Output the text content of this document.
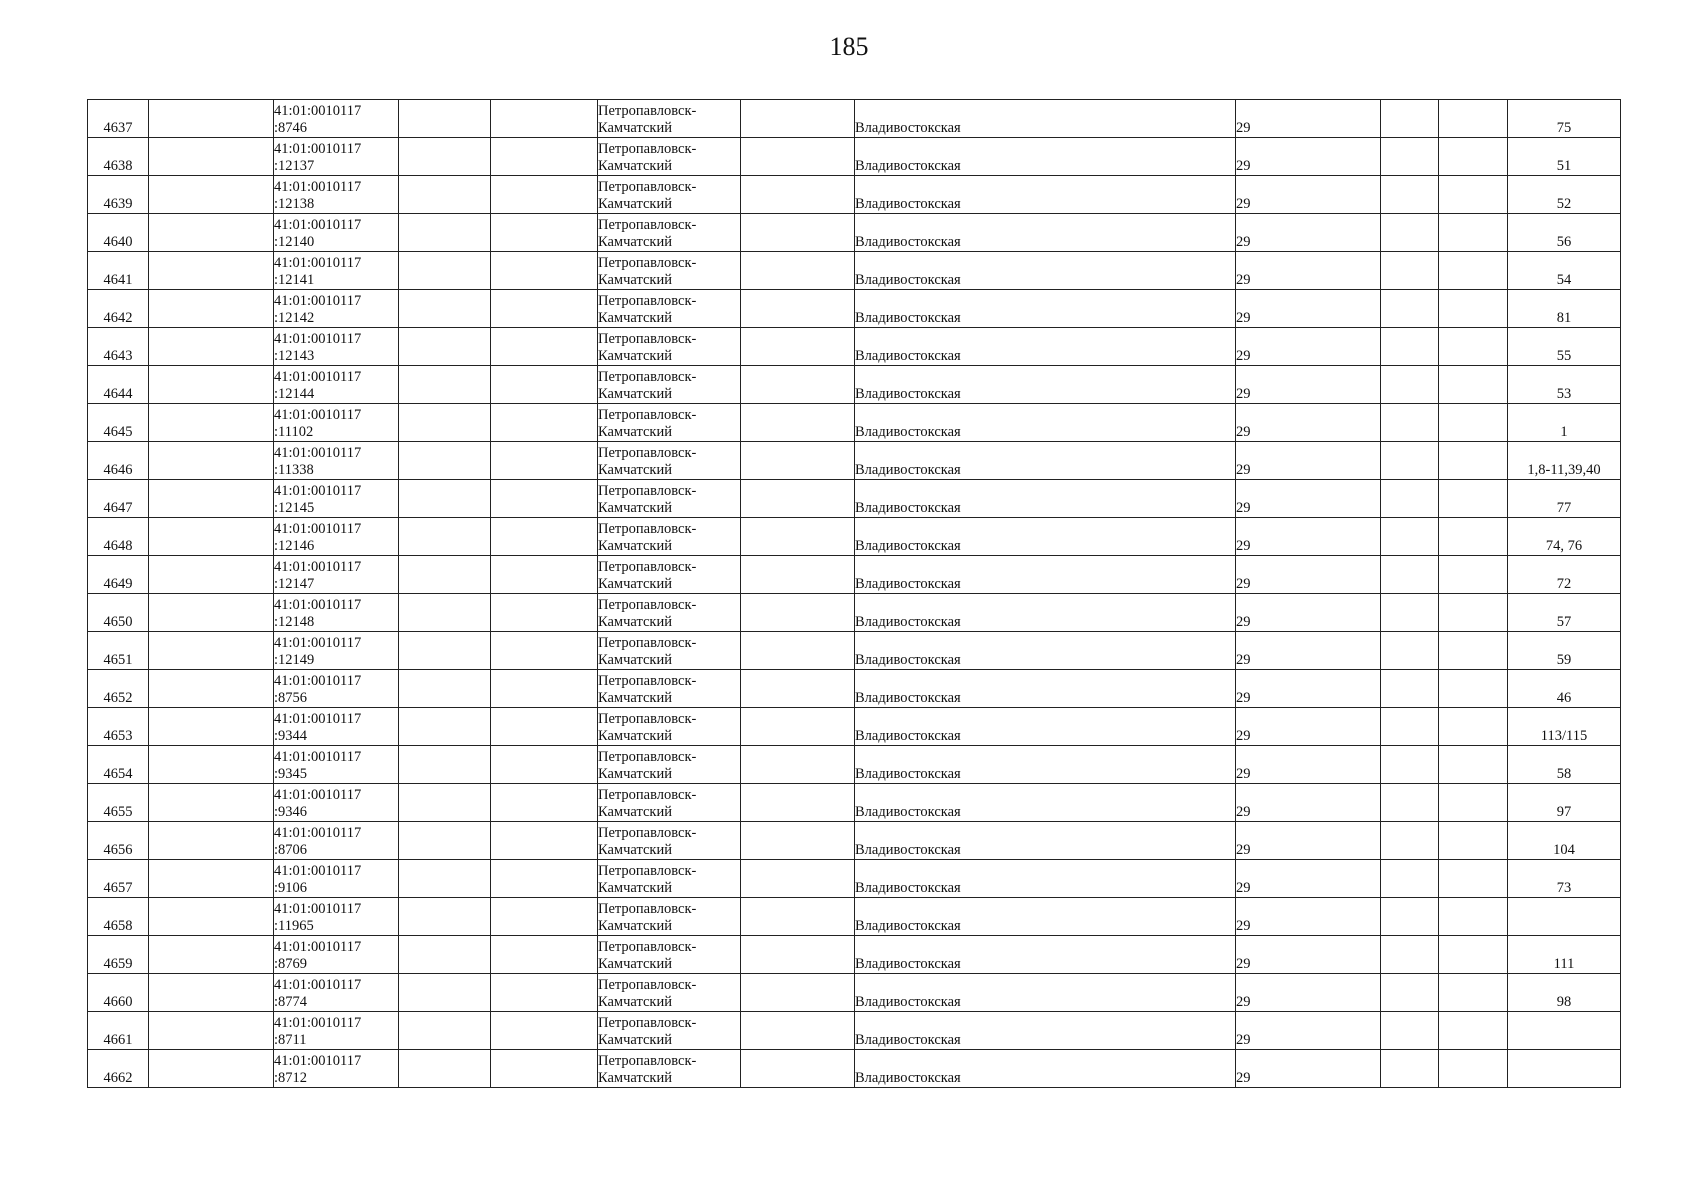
185
4637		41:01:0010117
:8746			Петропавловск-
Камчатский		Владивостокская	29			75
4638		41:01:0010117
:12137			Петропавловск-
Камчатский		Владивостокская	29			51
4639		41:01:0010117
:12138			Петропавловск-
Камчатский		Владивостокская	29			52
4640		41:01:0010117
:12140			Петропавловск-
Камчатский		Владивостокская	29			56
4641		41:01:0010117
:12141			Петропавловск-
Камчатский		Владивостокская	29			54
4642		41:01:0010117
:12142			Петропавловск-
Камчатский		Владивостокская	29			81
4643		41:01:0010117
:12143			Петропавловск-
Камчатский		Владивостокская	29			55
4644		41:01:0010117
:12144			Петропавловск-
Камчатский		Владивостокская	29			53
4645		41:01:0010117
:11102			Петропавловск-
Камчатский		Владивостокская	29			1
4646		41:01:0010117
:11338			Петропавловск-
Камчатский		Владивостокская	29			1,8-11,39,40
4647		41:01:0010117
:12145			Петропавловск-
Камчатский		Владивостокская	29			77
4648		41:01:0010117
:12146			Петропавловск-
Камчатский		Владивостокская	29			74, 76
4649		41:01:0010117
:12147			Петропавловск-
Камчатский		Владивостокская	29			72
4650		41:01:0010117
:12148			Петропавловск-
Камчатский		Владивостокская	29			57
4651		41:01:0010117
:12149			Петропавловск-
Камчатский		Владивостокская	29			59
4652		41:01:0010117
:8756			Петропавловск-
Камчатский		Владивостокская	29			46
4653		41:01:0010117
:9344			Петропавловск-
Камчатский		Владивостокская	29			113/115
4654		41:01:0010117
:9345			Петропавловск-
Камчатский		Владивостокская	29			58
4655		41:01:0010117
:9346			Петропавловск-
Камчатский		Владивостокская	29			97
4656		41:01:0010117
:8706			Петропавловск-
Камчатский		Владивостокская	29			104
4657		41:01:0010117
:9106			Петропавловск-
Камчатский		Владивостокская	29			73
4658		41:01:0010117
:11965			Петропавловск-
Камчатский		Владивостокская	29			
4659		41:01:0010117
:8769			Петропавловск-
Камчатский		Владивостокская	29			111
4660		41:01:0010117
:8774			Петропавловск-
Камчатский		Владивостокская	29			98
4661		41:01:0010117
:8711			Петропавловск-
Камчатский		Владивостокская	29			
4662		41:01:0010117
:8712			Петропавловск-
Камчатский		Владивостокская	29			
